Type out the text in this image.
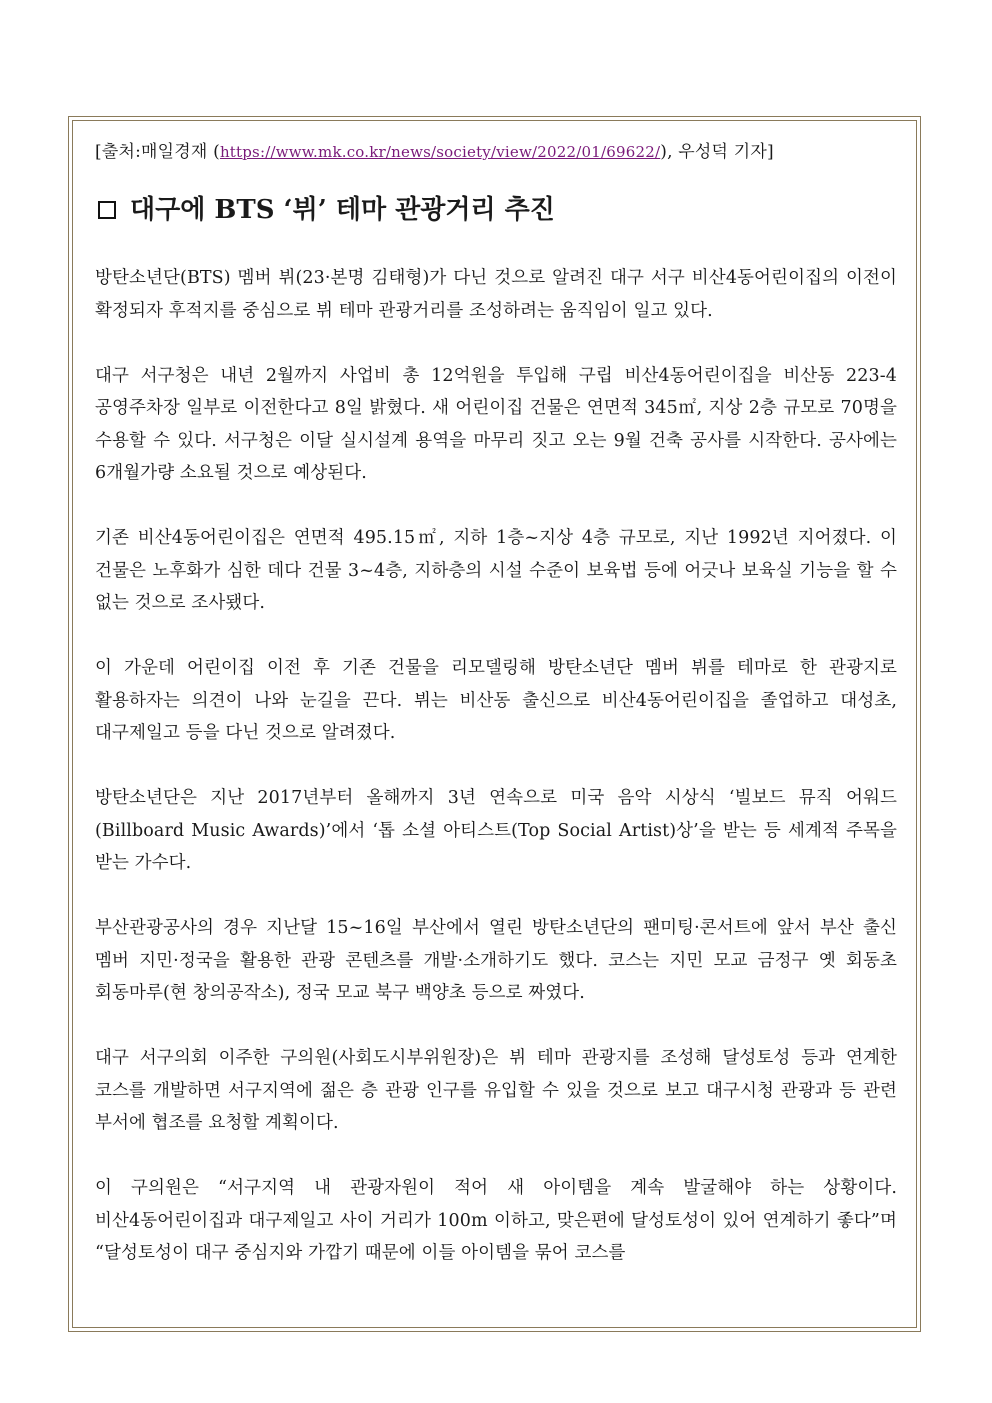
[출처:매일경재 (https://www.mk.co.kr/news/society/view/2022/01/69622/), 우성덕 기자]
대구에 BTS ‘뷔’ 테마 관광거리 추진

방탄소년단(BTS) 멤버 뷔(23·본명 김태형)가 다닌 것으로 알려진 대구 서구 비산4동어린이집의 이전이 확정되자 후적지를 중심으로 뷔 테마 관광거리를 조성하려는 움직임이 일고 있다.

대구 서구청은 내년 2월까지 사업비 총 12억원을 투입해 구립 비산4동어린이집을 비산동 223-4 공영주차장 일부로 이전한다고 8일 밝혔다. 새 어린이집 건물은 연면적 345㎡, 지상 2층 규모로 70명을 수용할 수 있다. 서구청은 이달 실시설계 용역을 마무리 짓고 오는 9월 건축 공사를 시작한다. 공사에는 6개월가량 소요될 것으로 예상된다.

기존 비산4동어린이집은 연면적 495.15㎡, 지하 1층~지상 4층 규모로, 지난 1992년 지어졌다. 이 건물은 노후화가 심한 데다 건물 3~4층, 지하층의 시설 수준이 보육법 등에 어긋나 보육실 기능을 할 수 없는 것으로 조사됐다.

이 가운데 어린이집 이전 후 기존 건물을 리모델링해 방탄소년단 멤버 뷔를 테마로 한 관광지로 활용하자는 의견이 나와 눈길을 끈다. 뷔는 비산동 출신으로 비산4동어린이집을 졸업하고 대성초, 대구제일고 등을 다닌 것으로 알려졌다.

방탄소년단은 지난 2017년부터 올해까지 3년 연속으로 미국 음악 시상식 ‘빌보드 뮤직 어워드(Billboard Music Awards)’에서 ‘톱 소셜 아티스트(Top Social Artist)상’을 받는 등 세계적 주목을 받는 가수다.

부산관광공사의 경우 지난달 15~16일 부산에서 열린 방탄소년단의 팬미팅·콘서트에 앞서 부산 출신 멤버 지민·정국을 활용한 관광 콘텐츠를 개발·소개하기도 했다. 코스는 지민 모교 금정구 옛 회동초 회동마루(현 창의공작소), 정국 모교 북구 백양초 등으로 짜였다.

대구 서구의회 이주한 구의원(사회도시부위원장)은 뷔 테마 관광지를 조성해 달성토성 등과 연계한 코스를 개발하면 서구지역에 젊은 층 관광 인구를 유입할 수 있을 것으로 보고 대구시청 관광과 등 관련 부서에 협조를 요청할 계획이다.

이 구의원은 “서구지역 내 관광자원이 적어 새 아이템을 계속 발굴해야 하는 상황이다. 비산4동어린이집과 대구제일고 사이 거리가 100m 이하고, 맞은편에 달성토성이 있어 연계하기 좋다”며 “달성토성이 대구 중심지와 가깝기 때문에 이들 아이템을 묶어 코스를
